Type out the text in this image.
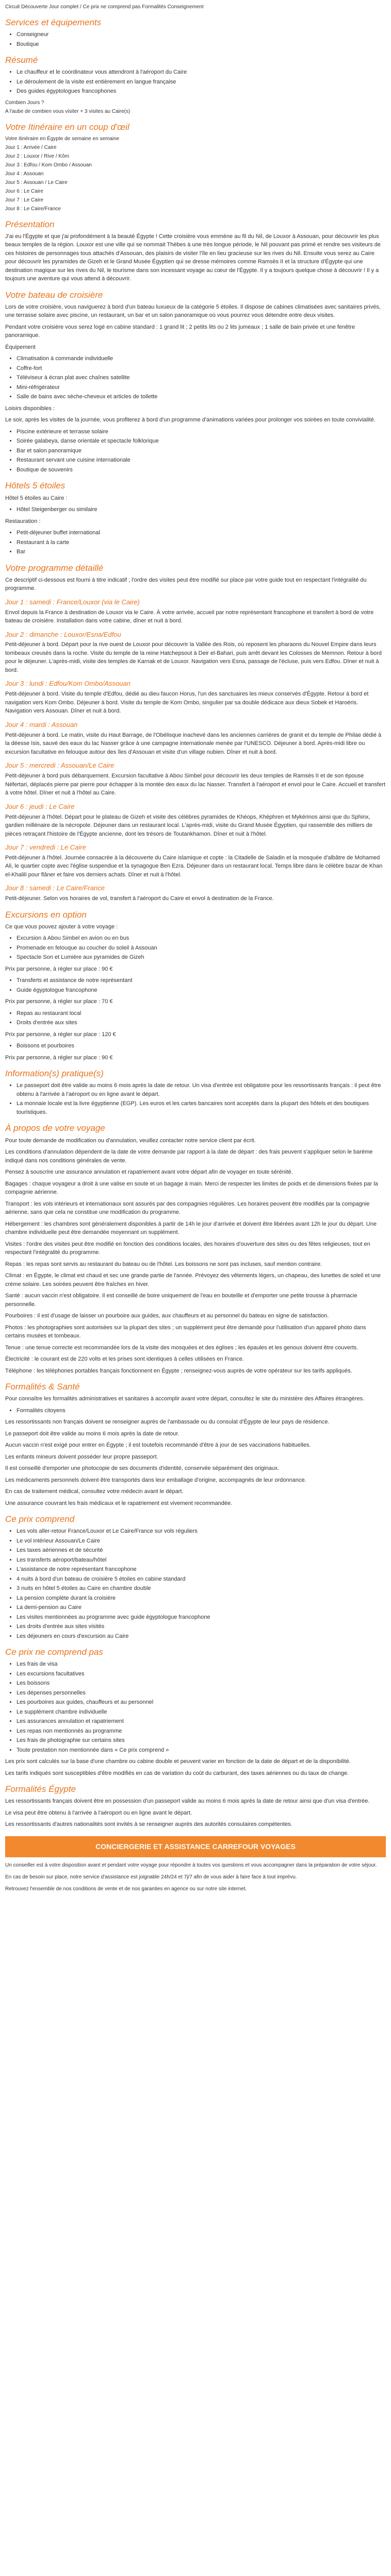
Circuit Découverte Jour complet / Ce prix ne comprend pas Formalités Conseignement
Services et équipements
• Conseigneur
• Boutique
Résumé
• Le chauffeur et le coordinateur vous attendront à l'aéroport du Caire
• Le déroulement de la visite est entièrement en langue française
• Des guides égyptologues francophones

Combien Jours ?

A l'aube de combien vous visiter + 3 visites au Caire(s)

Votre Itinéraire en un coup d'œil

Votre itinéraire en Égypte de semaine en semaine

Jour 1 : Arrivée / Caire

Jour 2 : Louxor / Rive / Kôm

Jour 3 : Edfou / Kom Ombo / Assouan

Jour 4 : Assouan

Jour 5 : Assouan / Le Caire

Jour 6 : Le Caire

Jour 7 : Le Caire

Jour 8 : Le Caire/France

Présentation

J'ai eu l'Égypte et que j'ai profondément à la beauté Égypte ! Cette croisière vous emmène au fil du Nil, de Louxor à Assouan, pour découvrir les plus beaux temples de la région. Louxor est une ville qui se nommait Thèbes à une très longue période, le Nil pouvant pas primé et rendre ses visiteurs de ces histoires de personnages tous attachés d'Assouan, des plaisirs de visiter l'île en lieu gracieuse sur les rives du Nil. Ensuite vous serez au Caire pour découvrir les pyramides de Gizeh et le Grand Musée Égyptien qui se dresse mémoires comme Ramsès II et la structure d'Égypte qui une destination magique sur les rives du Nil, le tourisme dans son incessant voyage au cœur de l'Égypte. Il y a toujours quelque chose à découvrir ! Il y a toujours une aventure qui vous attend à découvrir.

Votre bateau de croisière

Lors de votre croisière, vous naviguerez à bord d'un bateau luxueux de la catégorie 5 étoiles. Il dispose de cabines climatisées avec sanitaires privés, une terrasse solaire avec piscine, un restaurant, un bar et un salon panoramique où vous pourrez vous détendre entre deux visites.

Pendant votre croisière vous serez logé en cabine standard : 1 grand lit ; 2 petits lits ou 2 lits jumeaux ; 1 salle de bain privée et une fenêtre panoramique.

Équipement

• Climatisation à commande individuelle
• Coffre-fort
• Téléviseur à écran plat avec chaînes satellite
• Mini-réfrigérateur
• Salle de bains avec sèche-cheveux et articles de toilette

Loisirs disponibles :

Le soir, après les visites de la journée, vous profiterez à bord d'un programme d'animations variées pour prolonger vos soirées en toute convivialité.

• Piscine extérieure et terrasse solaire
• Soirée galabeya, danse orientale et spectacle folklorique
• Bar et salon panoramique
• Restaurant servant une cuisine internationale
• Boutique de souvenirs
Hôtels 5 étoiles

Hôtel 5 étoiles au Caire :

• Hôtel Steigenberger ou similaire

Restauration :

• Petit-déjeuner buffet international
• Restaurant à la carte
• Bar
Votre programme détaillé

Ce descriptif ci-dessous est fourni à titre indicatif ; l'ordre des visites peut être modifié sur place par votre guide tout en respectant l'intégralité du programme.

Jour 1 : samedi : France/Louxor (via le Caire)

Envol depuis la France à destination de Louxor via le Caire. À votre arrivée, accueil par notre représentant francophone et transfert à bord de votre bateau de croisière. Installation dans votre cabine, dîner et nuit à bord.

Jour 2 : dimanche : Louxor/Esna/Edfou

Petit-déjeuner à bord. Départ pour la rive ouest de Louxor pour découvrir la Vallée des Rois, où reposent les pharaons du Nouvel Empire dans leurs tombeaux creusés dans la roche. Visite du temple de la reine Hatchepsout à Deir el-Bahari, puis arrêt devant les Colosses de Memnon. Retour à bord pour le déjeuner. L'après-midi, visite des temples de Karnak et de Louxor. Navigation vers Esna, passage de l'écluse, puis vers Edfou. Dîner et nuit à bord.

Jour 3 : lundi : Edfou/Kom Ombo/Assouan

Petit-déjeuner à bord. Visite du temple d'Edfou, dédié au dieu faucon Horus, l'un des sanctuaires les mieux conservés d'Égypte. Retour à bord et navigation vers Kom Ombo. Déjeuner à bord. Visite du temple de Kom Ombo, singulier par sa double dédicace aux dieux Sobek et Haroéris. Navigation vers Assouan. Dîner et nuit à bord.

Jour 4 : mardi : Assouan

Petit-déjeuner à bord. Le matin, visite du Haut Barrage, de l'Obélisque inachevé dans les anciennes carrières de granit et du temple de Philae dédié à la déesse Isis, sauvé des eaux du lac Nasser grâce à une campagne internationale menée par l'UNESCO. Déjeuner à bord. Après-midi libre ou excursion facultative en felouque autour des îles d'Assouan et visite d'un village nubien. Dîner et nuit à bord.

Jour 5 : mercredi : Assouan/Le Caire

Petit-déjeuner à bord puis débarquement. Excursion facultative à Abou Simbel pour découvrir les deux temples de Ramsès II et de son épouse Néfertari, déplacés pierre par pierre pour échapper à la montée des eaux du lac Nasser. Transfert à l'aéroport et envol pour le Caire. Accueil et transfert à votre hôtel. Dîner et nuit à l'hôtel au Caire.

Jour 6 : jeudi : Le Caire

Petit-déjeuner à l'hôtel. Départ pour le plateau de Gizeh et visite des célèbres pyramides de Khéops, Khéphren et Mykérinos ainsi que du Sphinx, gardien millénaire de la nécropole. Déjeuner dans un restaurant local. L'après-midi, visite du Grand Musée Égyptien, qui rassemble des milliers de pièces retraçant l'histoire de l'Égypte ancienne, dont les trésors de Toutankhamon. Dîner et nuit à l'hôtel.

Jour 7 : vendredi : Le Caire

Petit-déjeuner à l'hôtel. Journée consacrée à la découverte du Caire islamique et copte : la Citadelle de Saladin et la mosquée d'albâtre de Mohamed Ali, le quartier copte avec l'église suspendue et la synagogue Ben Ezra. Déjeuner dans un restaurant local. Temps libre dans le célèbre bazar de Khan el-Khalili pour flâner et faire vos derniers achats. Dîner et nuit à l'hôtel.

Jour 8 : samedi : Le Caire/France

Petit-déjeuner. Selon vos horaires de vol, transfert à l'aéroport du Caire et envol à destination de la France.

Excursions en option

Ce que vous pouvez ajouter à votre voyage :

• Excursion à Abou Simbel en avion ou en bus
• Promenade en felouque au coucher du soleil à Assouan
• Spectacle Son et Lumière aux pyramides de Gizeh

Prix par personne, à régler sur place : 90 €

• Transferts et assistance de notre représentant
• Guide égyptologue francophone

Prix par personne, à régler sur place : 70 €

• Repas au restaurant local
• Droits d'entrée aux sites

Prix par personne, à régler sur place : 120 €

• Boissons et pourboires

Prix par personne, à régler sur place : 90 €

Information(s) pratique(s)
• Le passeport doit être valide au moins 6 mois après la date de retour. Un visa d'entrée est obligatoire pour les ressortissants français : il peut être obtenu à l'arrivée à l'aéroport ou en ligne avant le départ.
• La monnaie locale est la livre égyptienne (EGP). Les euros et les cartes bancaires sont acceptés dans la plupart des hôtels et des boutiques touristiques.
À propos de votre voyage

Pour toute demande de modification ou d'annulation, veuillez contacter notre service client par écrit.

Les conditions d'annulation dépendent de la date de votre demande par rapport à la date de départ : des frais peuvent s'appliquer selon le barème indiqué dans nos conditions générales de vente.

Pensez à souscrire une assurance annulation et rapatriement avant votre départ afin de voyager en toute sérénité.

Bagages : chaque voyageur a droit à une valise en soute et un bagage à main. Merci de respecter les limites de poids et de dimensions fixées par la compagnie aérienne.

Transport : les vols intérieurs et internationaux sont assurés par des compagnies régulières. Les horaires peuvent être modifiés par la compagnie aérienne, sans que cela ne constitue une modification du programme.

Hébergement : les chambres sont généralement disponibles à partir de 14h le jour d'arrivée et doivent être libérées avant 12h le jour du départ. Une chambre individuelle peut être demandée moyennant un supplément.

Visites : l'ordre des visites peut être modifié en fonction des conditions locales, des horaires d'ouverture des sites ou des fêtes religieuses, tout en respectant l'intégralité du programme.

Repas : les repas sont servis au restaurant du bateau ou de l'hôtel. Les boissons ne sont pas incluses, sauf mention contraire.

Climat : en Égypte, le climat est chaud et sec une grande partie de l'année. Prévoyez des vêtements légers, un chapeau, des lunettes de soleil et une crème solaire. Les soirées peuvent être fraîches en hiver.

Santé : aucun vaccin n'est obligatoire. Il est conseillé de boire uniquement de l'eau en bouteille et d'emporter une petite trousse à pharmacie personnelle.

Pourboires : il est d'usage de laisser un pourboire aux guides, aux chauffeurs et au personnel du bateau en signe de satisfaction.

Photos : les photographies sont autorisées sur la plupart des sites ; un supplément peut être demandé pour l'utilisation d'un appareil photo dans certains musées et tombeaux.

Tenue : une tenue correcte est recommandée lors de la visite des mosquées et des églises ; les épaules et les genoux doivent être couverts.

Électricité : le courant est de 220 volts et les prises sont identiques à celles utilisées en France.

Téléphone : les téléphones portables français fonctionnent en Égypte ; renseignez-vous auprès de votre opérateur sur les tarifs appliqués.

Formalités & Santé

Pour connaître les formalités administratives et sanitaires à accomplir avant votre départ, consultez le site du ministère des Affaires étrangères.

• Formalités citoyens

Les ressortissants non français doivent se renseigner auprès de l'ambassade ou du consulat d'Égypte de leur pays de résidence.

Le passeport doit être valide au moins 6 mois après la date de retour.

Aucun vaccin n'est exigé pour entrer en Égypte ; il est toutefois recommandé d'être à jour de ses vaccinations habituelles.

Les enfants mineurs doivent posséder leur propre passeport.

Il est conseillé d'emporter une photocopie de ses documents d'identité, conservée séparément des originaux.

Les médicaments personnels doivent être transportés dans leur emballage d'origine, accompagnés de leur ordonnance.

En cas de traitement médical, consultez votre médecin avant le départ.

Une assurance couvrant les frais médicaux et le rapatriement est vivement recommandée.

Ce prix comprend
• Les vols aller-retour France/Louxor et Le Caire/France sur vols réguliers
• Le vol intérieur Assouan/Le Caire
• Les taxes aériennes et de sécurité
• Les transferts aéroport/bateau/hôtel
• L'assistance de notre représentant francophone
• 4 nuits à bord d'un bateau de croisière 5 étoiles en cabine standard
• 3 nuits en hôtel 5 étoiles au Caire en chambre double
• La pension complète durant la croisière
• La demi-pension au Caire
• Les visites mentionnées au programme avec guide égyptologue francophone
• Les droits d'entrée aux sites visités
• Les déjeuners en cours d'excursion au Caire
Ce prix ne comprend pas
• Les frais de visa
• Les excursions facultatives
• Les boissons
• Les dépenses personnelles
• Les pourboires aux guides, chauffeurs et au personnel
• Le supplément chambre individuelle
• Les assurances annulation et rapatriement
• Les repas non mentionnés au programme
• Les frais de photographie sur certains sites
• Toute prestation non mentionnée dans « Ce prix comprend »

Les prix sont calculés sur la base d'une chambre ou cabine double et peuvent varier en fonction de la date de départ et de la disponibilité.

Les tarifs indiqués sont susceptibles d'être modifiés en cas de variation du coût du carburant, des taxes aériennes ou du taux de change.

Formalités Égypte

Les ressortissants français doivent être en possession d'un passeport valide au moins 6 mois après la date de retour ainsi que d'un visa d'entrée.

Le visa peut être obtenu à l'arrivée à l'aéroport ou en ligne avant le départ.

Les ressortissants d'autres nationalités sont invités à se renseigner auprès des autorités consulaires compétentes.

CONCIERGERIE ET ASSISTANCE CARREFOUR VOYAGES

Un conseiller est à votre disposition avant et pendant votre voyage pour répondre à toutes vos questions et vous accompagner dans la préparation de votre séjour.

En cas de besoin sur place, notre service d'assistance est joignable 24h/24 et 7j/7 afin de vous aider à faire face à tout imprévu.

Retrouvez l'ensemble de nos conditions de vente et de nos garanties en agence ou sur notre site internet.
